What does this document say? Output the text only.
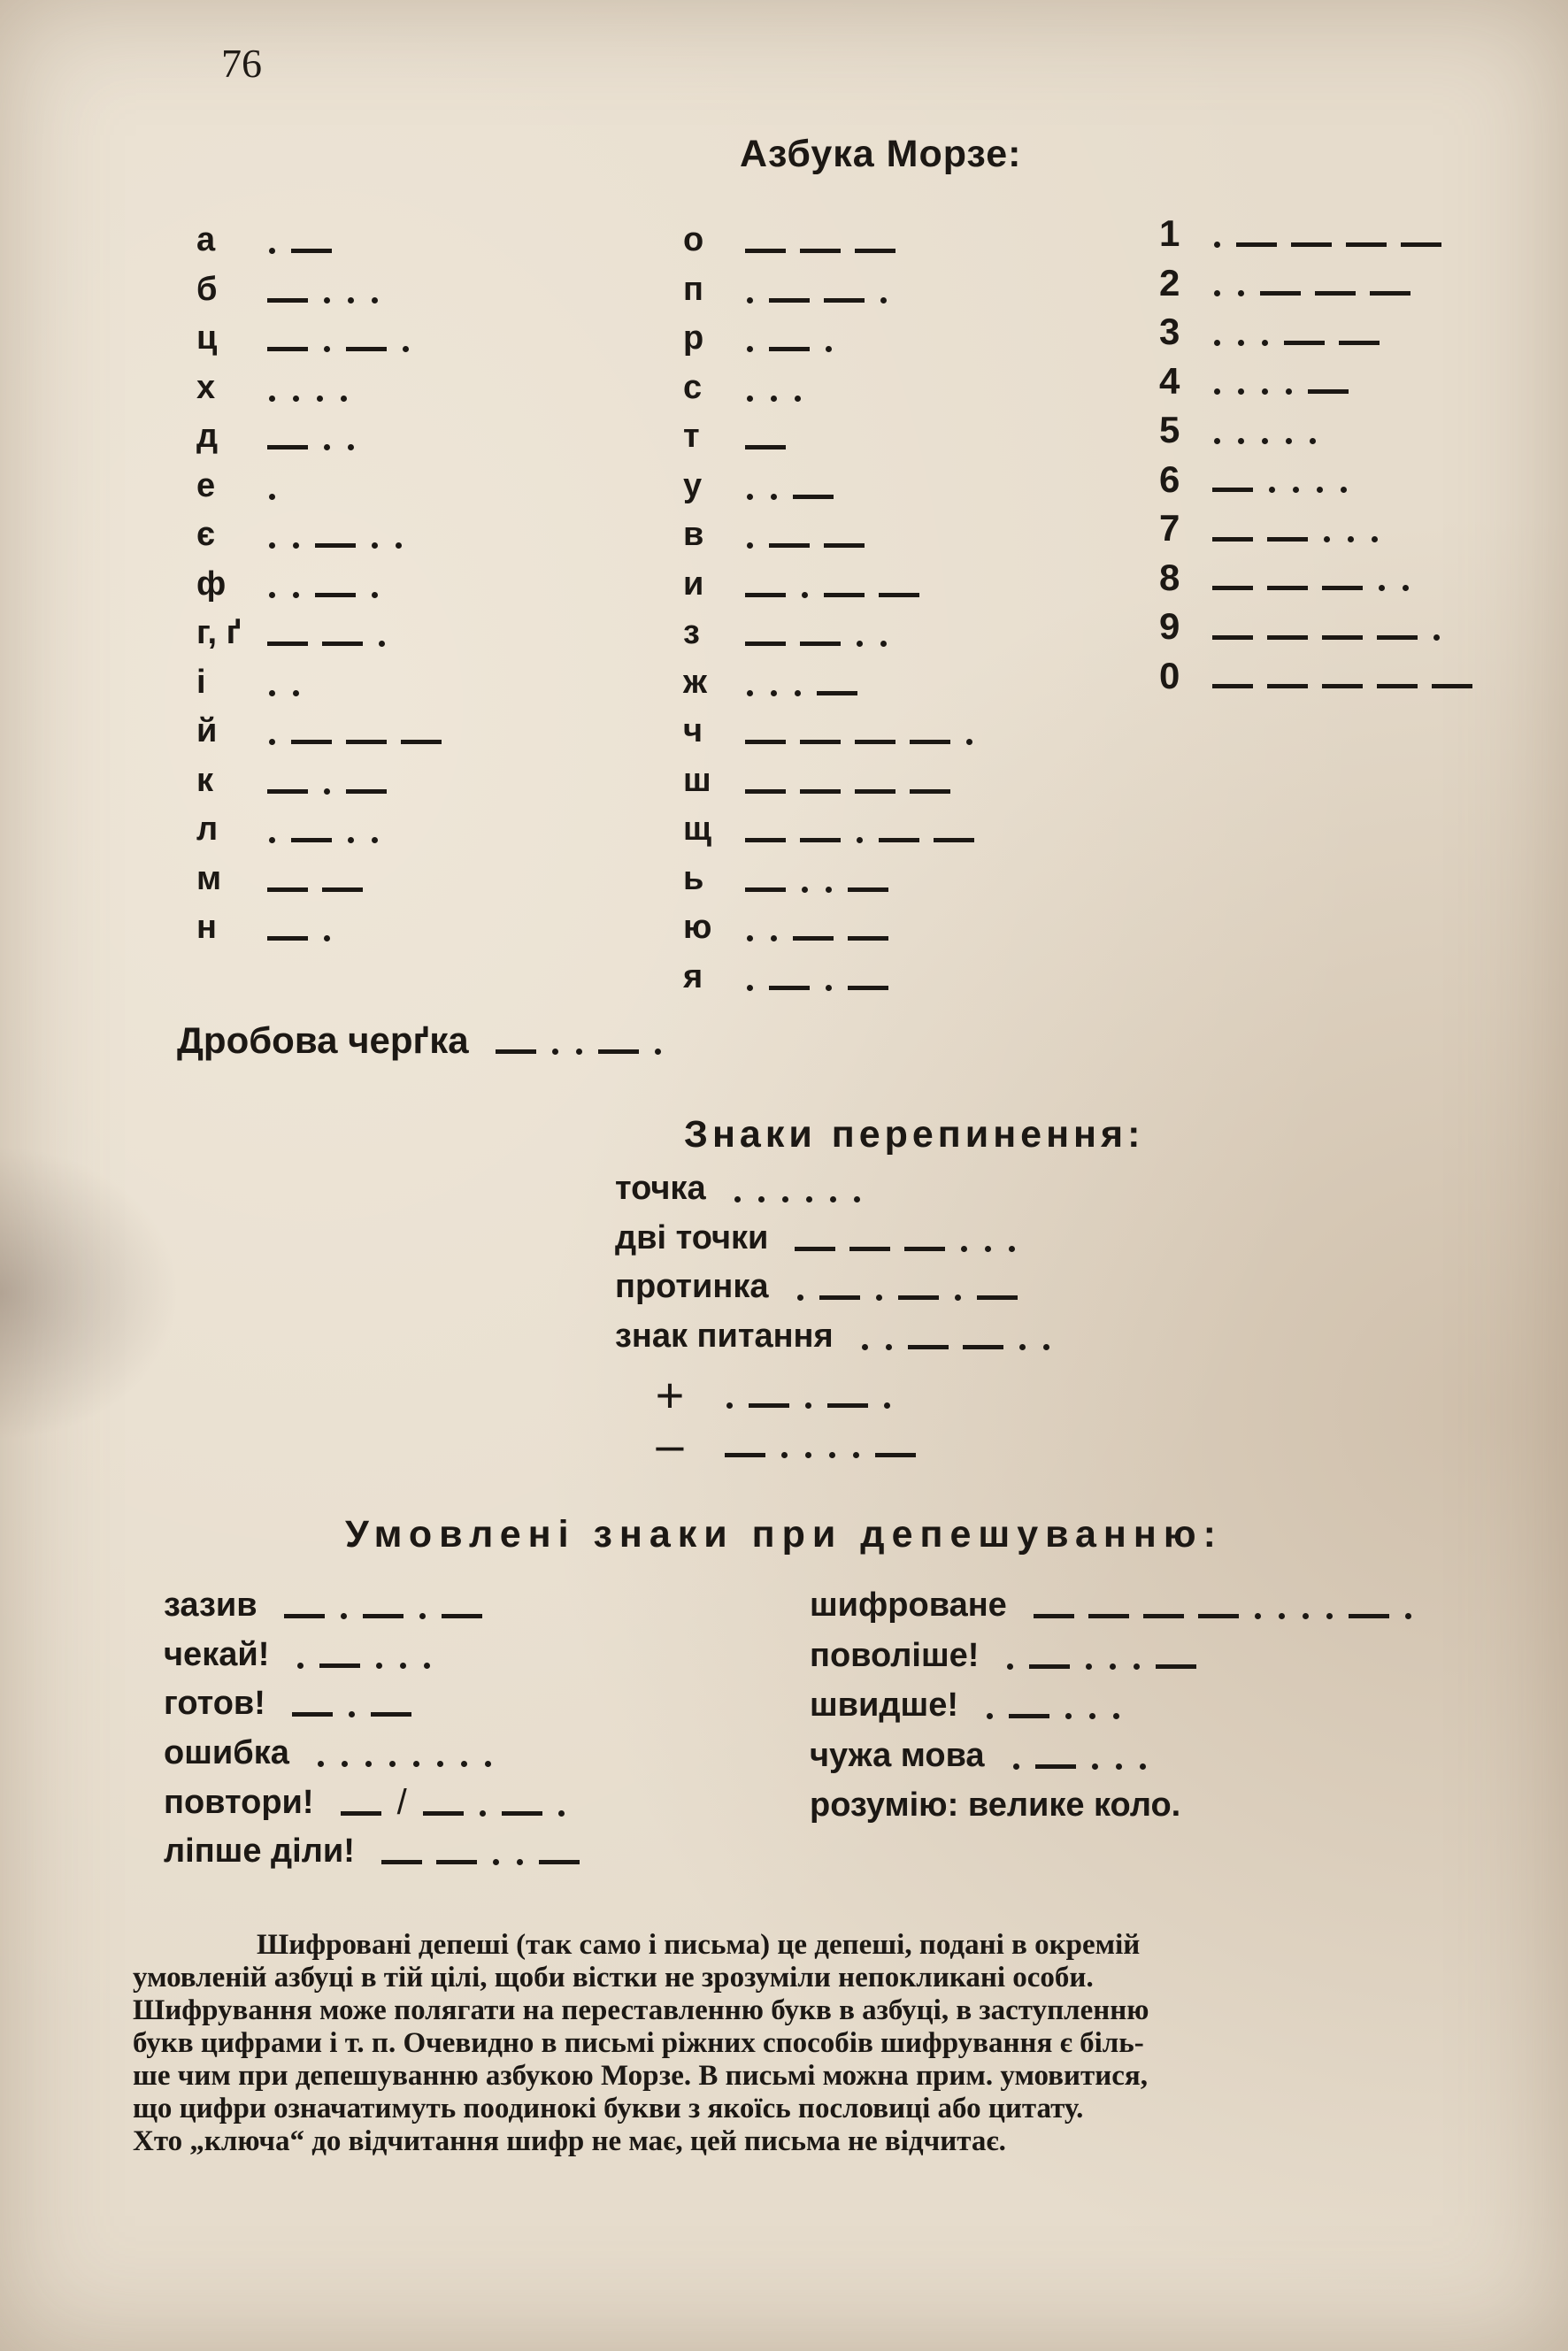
76
Азбука Морзе:
а
б
ц
х
д
е
є
ф
г, ґ
і
й
к
л
м
н
о
п
р
с
т
у
в
и
з
ж
ч
ш
щ
ь
ю
я
1
2
3
4
5
6
7
8
9
0
Дробова черґка
Знаки перепинення:
точка
дві точки
протинка
знак питання
+
–
Умовлені знаки при депешуванню:
зазив
чекай!
готов!
ошибка
повтори! /
ліпше діли!
шифроване
поволіше!
швидше!
чужа мова
розумію: велике коло.

Шифровані депеші (так само і письма) це депеші, подані в окремій
умовленій азбуці в тій цілі, щоби вістки не зрозуміли непокликані особи.
Шифрування може полягати на переставленню букв в азбуці, в заступленню
букв цифрами і т. п. Очевидно в письмі ріжних способів шифрування є біль-
ше чим при депешуванню азбукою Морзе. В письмі можна прим. умовитися,
що цифри означатимуть поодинокі букви з якоїсь пословиці або цитату.
Хто „ключа“ до відчитання шифр не має, цей письма не відчитає.
